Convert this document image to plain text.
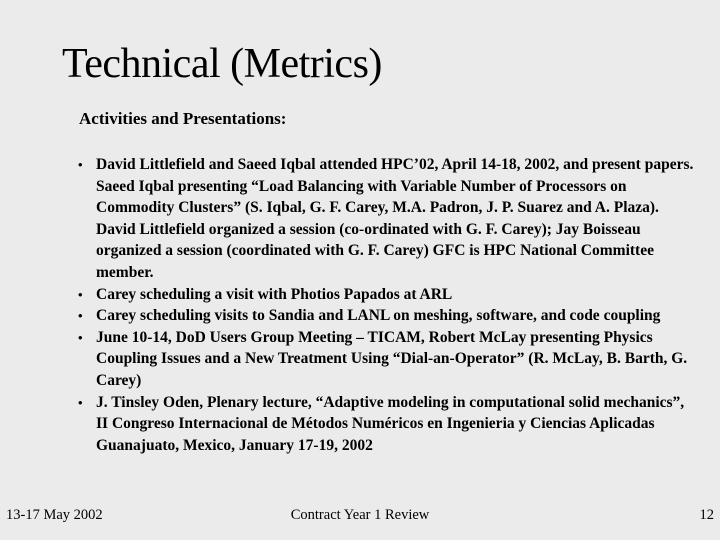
Technical (Metrics)
Activities and Presentations:
• David Littlefield and Saeed Iqbal attended HPC’02, April 14-18, 2002, and present papers. Saeed Iqbal presenting “Load Balancing with Variable Number of Processors on Commodity Clusters” (S. Iqbal, G. F. Carey, M.A. Padron, J. P. Suarez and A. Plaza). David Littlefield organized a session (co-ordinated with G. F. Carey); Jay Boisseau organized a session (coordinated with G. F. Carey) GFC is HPC National Committee member.
• Carey scheduling a visit with Photios Papados at ARL
• Carey scheduling visits to Sandia and LANL on meshing, software, and code coupling
• June 10-14, DoD Users Group Meeting – TICAM, Robert McLay presenting Physics Coupling Issues and a New Treatment Using “Dial-an-Operator” (R. McLay, B. Barth, G. Carey)
• J. Tinsley Oden, Plenary lecture, “Adaptive modeling in computational solid mechanics”, II Congreso Internacional de Métodos Numéricos en Ingenieria y Ciencias Aplicadas Guanajuato, Mexico, January 17-19, 2002
13-17 May 2002	Contract Year 1 Review	12
